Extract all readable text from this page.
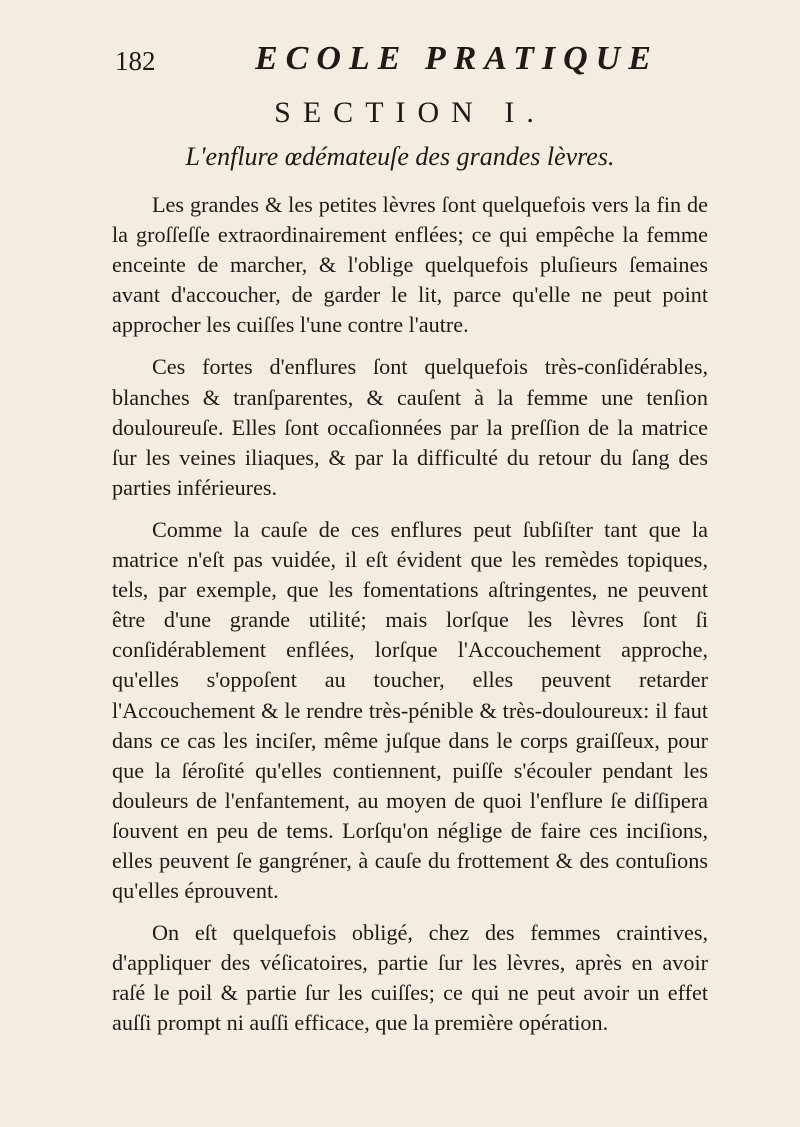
182	ECOLE PRATIQUE
SECTION I.
L'enflure œdémateuſe des grandes lèvres.

Les grandes & les petites lèvres ſont quelquefois vers la fin de la groſſeſſe extraordinairement enflées; ce qui empêche la femme enceinte de marcher, & l'oblige quelquefois pluſieurs ſemaines avant d'accoucher, de garder le lit, parce qu'elle ne peut point approcher les cuiſſes l'une contre l'autre.

Ces fortes d'enflures ſont quelquefois très-conſidérables, blanches & tranſparentes, & cauſent à la femme une tenſion douloureuſe. Elles ſont occaſionnées par la preſſion de la matrice ſur les veines iliaques, & par la difficulté du retour du ſang des parties inférieures.

Comme la cauſe de ces enflures peut ſubſiſter tant que la matrice n'eſt pas vuidée, il eſt évident que les remèdes topiques, tels, par exemple, que les fomentations aſtringentes, ne peuvent être d'une grande utilité; mais lorſque les lèvres ſont ſi conſidérablement enflées, lorſque l'Accouchement approche, qu'elles s'oppoſent au toucher, elles peuvent retarder l'Accouchement & le rendre très-pénible & très-douloureux: il faut dans ce cas les inciſer, même juſque dans le corps graiſſeux, pour que la ſéroſité qu'elles contiennent, puiſſe s'écouler pendant les douleurs de l'enfantement, au moyen de quoi l'enflure ſe diſſipera ſouvent en peu de tems. Lorſqu'on néglige de faire ces inciſions, elles peuvent ſe gangréner, à cauſe du frottement & des contuſions qu'elles éprouvent.

On eſt quelquefois obligé, chez des femmes craintives, d'appliquer des véſicatoires, partie ſur les lèvres, après en avoir raſé le poil & partie ſur les cuiſſes; ce qui ne peut avoir un effet auſſi prompt ni auſſi efficace, que la première opération.
